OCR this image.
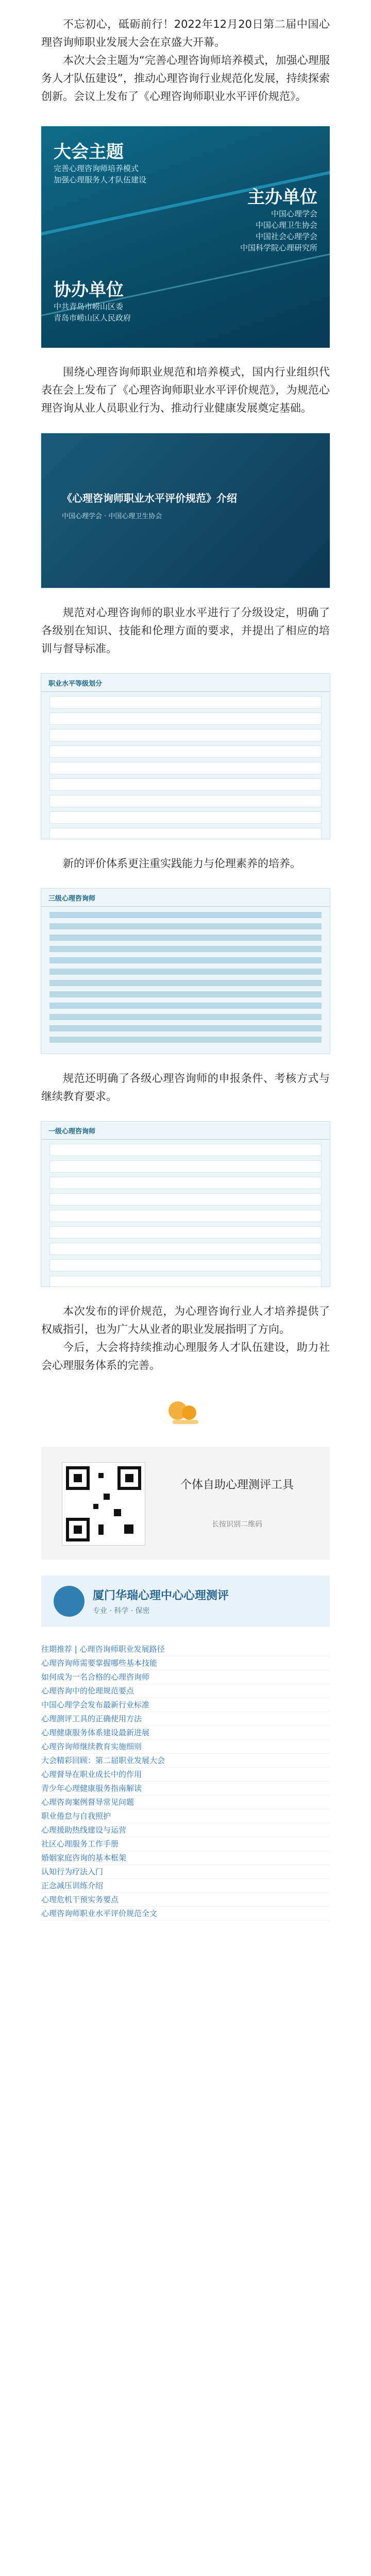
不忘初心，砥砺前行！2022年12月20日第二届中国心理咨询师职业发展大会在京盛大开幕。

本次大会主题为“完善心理咨询师培养模式，加强心理服务人才队伍建设”，推动心理咨询行业规范化发展，持续探索创新。会议上发布了《心理咨询师职业水平评价规范》。

大会主题
完善心理咨询师培养模式
加强心理服务人才队伍建设
主办单位
中国心理学会
中国心理卫生协会
中国社会心理学会
中国科学院心理研究所
协办单位
中共青岛市崂山区委
青岛市崂山区人民政府

围绕心理咨询师职业规范和培养模式，国内行业组织代表在会上发布了《心理咨询师职业水平评价规范》，为规范心理咨询从业人员职业行为、推动行业健康发展奠定基础。

《心理咨询师职业水平评价规范》介绍
中国心理学会 · 中国心理卫生协会

规范对心理咨询师的职业水平进行了分级设定，明确了各级别在知识、技能和伦理方面的要求，并提出了相应的培训与督导标准。

职业水平等级划分

新的评价体系更注重实践能力与伦理素养的培养。

三级心理咨询师

规范还明确了各级心理咨询师的申报条件、考核方式与继续教育要求。

一级心理咨询师

本次发布的评价规范，为心理咨询行业人才培养提供了权威指引，也为广大从业者的职业发展指明了方向。

今后，大会将持续推动心理服务人才队伍建设，助力社会心理服务体系的完善。

个体自助心理测评工具
长按识别二维码
厦门华瑞心理中心心理测评
专业 · 科学 · 保密
往期推荐 | 心理咨询师职业发展路径
心理咨询师需要掌握哪些基本技能
如何成为一名合格的心理咨询师
心理咨询中的伦理规范要点
中国心理学会发布最新行业标准
心理测评工具的正确使用方法
心理健康服务体系建设最新进展
心理咨询师继续教育实施细则
大会精彩回顾：第二届职业发展大会
心理督导在职业成长中的作用
青少年心理健康服务指南解读
心理咨询案例督导常见问题
职业倦怠与自我照护
心理援助热线建设与运营
社区心理服务工作手册
婚姻家庭咨询的基本框架
认知行为疗法入门
正念减压训练介绍
心理危机干预实务要点
心理咨询师职业水平评价规范全文
